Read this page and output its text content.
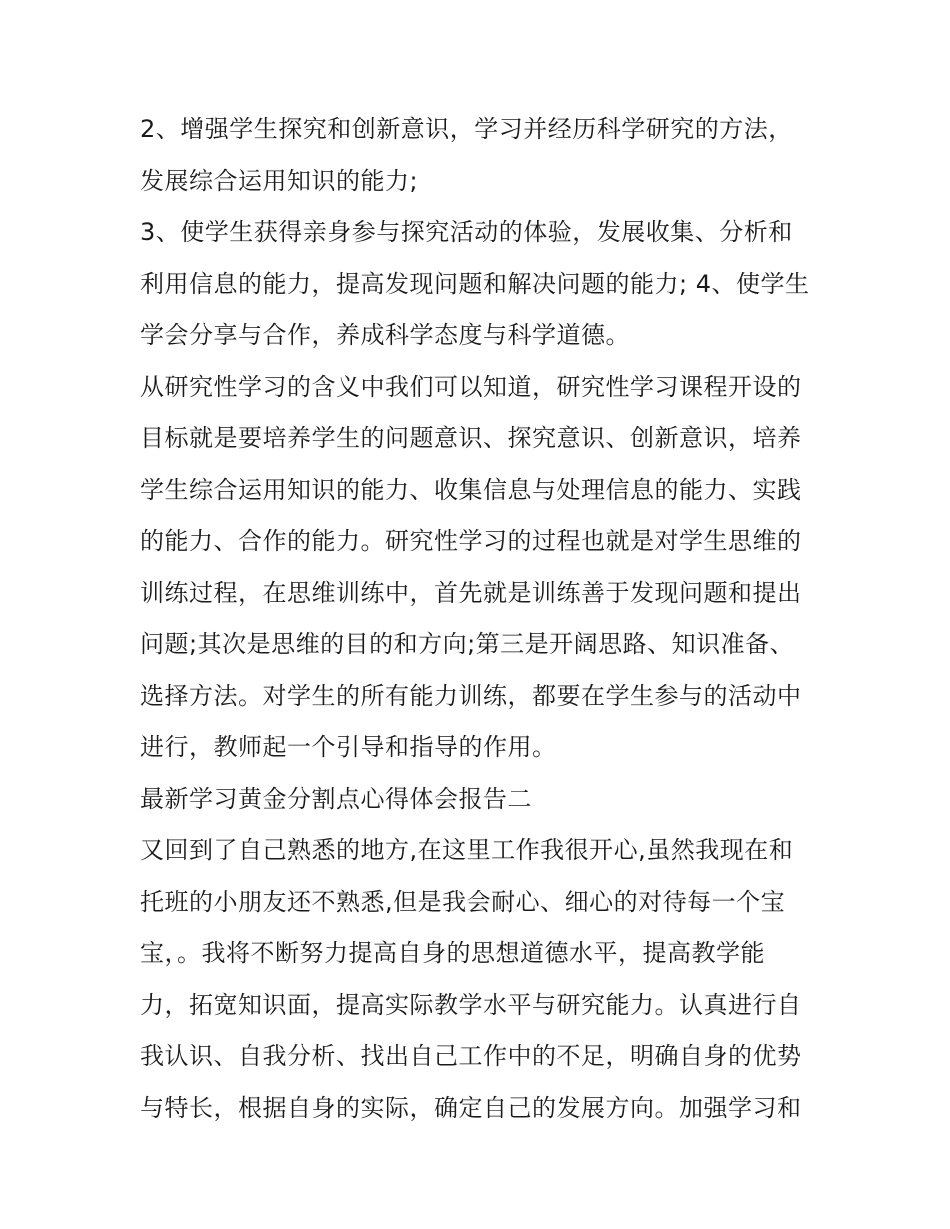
2、增强学生探究和创新意识，学习并经历科学研究的方法，
发展综合运用知识的能力;
3、使学生获得亲身参与探究活动的体验，发展收集、分析和
利用信息的能力，提高发现问题和解决问题的能力; 4、使学生
学会分享与合作，养成科学态度与科学道德。
从研究性学习的含义中我们可以知道，研究性学习课程开设的
目标就是要培养学生的问题意识、探究意识、创新意识，培养
学生综合运用知识的能力、收集信息与处理信息的能力、实践
的能力、合作的能力。研究性学习的过程也就是对学生思维的
训练过程，在思维训练中，首先就是训练善于发现问题和提出
问题;其次是思维的目的和方向;第三是开阔思路、知识准备、
选择方法。对学生的所有能力训练，都要在学生参与的活动中
进行，教师起一个引导和指导的作用。
最新学习黄金分割点心得体会报告二
又回到了自己熟悉的地方,在这里工作我很开心,虽然我现在和
托班的小朋友还不熟悉,但是我会耐心、细心的对待每一个宝
宝，。我将不断努力提高自身的思想道德水平，提高教学能
力，拓宽知识面，提高实际教学水平与研究能力。认真进行自
我认识、自我分析、找出自己工作中的不足，明确自身的优势
与特长，根据自身的实际，确定自己的发展方向。加强学习和
